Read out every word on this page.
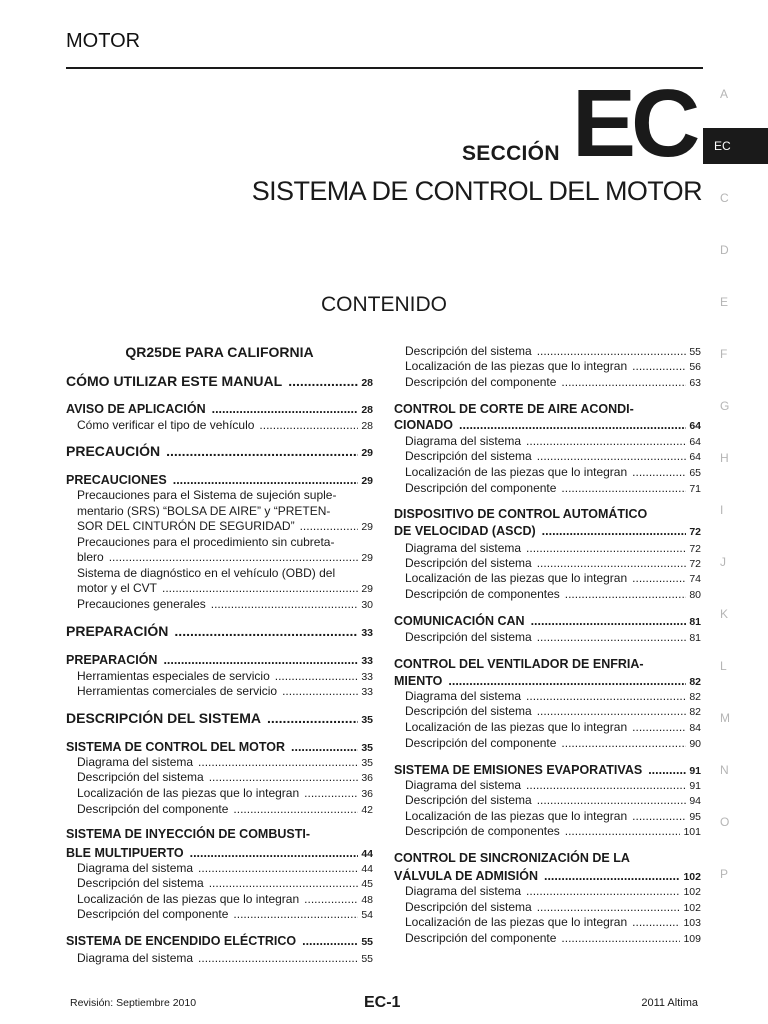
MOTOR
SECCIÓN EC
SISTEMA DE CONTROL DEL MOTOR
CONTENIDO
A
EC
C
D
E
F
G
H
I
J
K
L
M
N
O
P
QR25DE PARA CALIFORNIA
CÓMO UTILIZAR ESTE MANUAL .....	28
AVISO DE APLICACIÓN .....	28
Cómo verificar el tipo de vehículo .....	28
PRECAUCIÓN .....	29
PRECAUCIONES .....	29
Precauciones para el Sistema de sujeción suple-
mentario (SRS) “BOLSA DE AIRE” y “PRETEN-
SOR DEL CINTURÓN DE SEGURIDAD” .....	29
Precauciones para el procedimiento sin cubreta-
blero .....	29
Sistema de diagnóstico en el vehículo (OBD) del
motor y el CVT .....	29
Precauciones generales .....	30
PREPARACIÓN .....	33
PREPARACIÓN .....	33
Herramientas especiales de servicio .....	33
Herramientas comerciales de servicio .....	33
DESCRIPCIÓN DEL SISTEMA .....	35
SISTEMA DE CONTROL DEL MOTOR .....	35
Diagrama del sistema .....	35
Descripción del sistema .....	36
Localización de las piezas que lo integran .....	36
Descripción del componente .....	42
SISTEMA DE INYECCIÓN DE COMBUSTI-
BLE MULTIPUERTO .....	44
Diagrama del sistema .....	44
Descripción del sistema .....	45
Localización de las piezas que lo integran .....	48
Descripción del componente .....	54
SISTEMA DE ENCENDIDO ELÉCTRICO .....	55
Diagrama del sistema .....	55
Descripción del sistema .....	55
Localización de las piezas que lo integran .....	56
Descripción del componente .....	63
CONTROL DE CORTE DE AIRE ACONDI-
CIONADO .....	64
Diagrama del sistema .....	64
Descripción del sistema .....	64
Localización de las piezas que lo integran .....	65
Descripción del componente .....	71
DISPOSITIVO DE CONTROL AUTOMÁTICO
DE VELOCIDAD (ASCD) .....	72
Diagrama del sistema .....	72
Descripción del sistema .....	72
Localización de las piezas que lo integran .....	74
Descripción de componentes .....	80
COMUNICACIÓN CAN .....	81
Descripción del sistema .....	81
CONTROL DEL VENTILADOR DE ENFRIA-
MIENTO .....	82
Diagrama del sistema .....	82
Descripción del sistema .....	82
Localización de las piezas que lo integran .....	84
Descripción del componente .....	90
SISTEMA DE EMISIONES EVAPORATIVAS .....	91
Diagrama del sistema .....	91
Descripción del sistema .....	94
Localización de las piezas que lo integran .....	95
Descripción de componentes .....	101
CONTROL DE SINCRONIZACIÓN DE LA
VÁLVULA DE ADMISIÓN .....	102
Diagrama del sistema .....	102
Descripción del sistema .....	102
Localización de las piezas que lo integran .....	103
Descripción del componente .....	109
Revisión: Septiembre 2010	EC-1	2011 Altima
